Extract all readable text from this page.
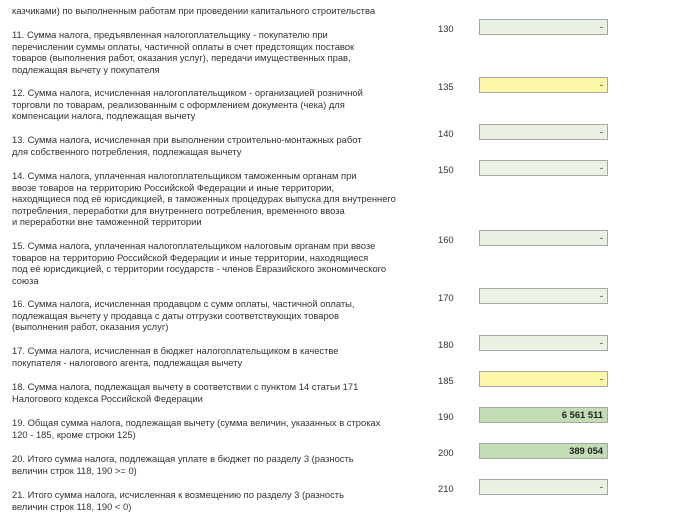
казчиками) по выполненным работам при проведении капитального строительства
11. Сумма налога, предъявленная налогоплательщику - покупателю при
перечислении суммы оплаты, частичной оплаты в счет предстоящих поставок
товаров (выполнения работ, оказания услуг), передачи имущественных прав,
подлежащая вычету у покупателя
130	-
12. Сумма налога, исчисленная налогоплательщиком - организацией розничной
торговли по товарам, реализованным с оформлением документа (чека) для
компенсации налога, подлежащая вычету
135	-
13. Сумма налога, исчисленная при выполнении строительно-монтажных работ
для собственного потребления, подлежащая вычету
140	-
14. Сумма налога, уплаченная налогоплательщиком таможенным органам при
ввозе товаров на территорию Российской Федерации и иные территории,
находящиеся под её юрисдикцией, в таможенных процедурах выпуска для внутреннего
потребления, переработки для внутреннего потребления, временного ввоза
и переработки вне таможенной территории
150	-
15. Сумма налога, уплаченная налогоплательщиком налоговым органам при ввозе
товаров на территорию Российской Федерации и иные территории, находящиеся
под её юрисдикцией, с территории государств - членов Евразийского экономического
союза
160	-
16. Сумма налога, исчисленная продавцом с сумм оплаты, частичной оплаты,
подлежащая вычету у продавца с даты отгрузки соответствующих товаров
(выполнения работ, оказания услуг)
170	-
17. Сумма налога, исчисленная в бюджет налогоплательщиком в качестве
покупателя - налогового агента, подлежащая вычету
180	-
18. Сумма налога, подлежащая вычету в соответствии с пунктом 14 статьи 171
Налогового кодекса Российской Федерации
185	-
19. Общая сумма налога, подлежащая вычету (сумма величин, указанных в строках
120 - 185, кроме строки 125)
190	6 561 511
20. Итого сумма налога, подлежащая уплате в бюджет по разделу 3 (разность
величин строк 118, 190 >= 0)
200	389 054
21. Итого сумма налога, исчисленная к возмещению по разделу 3 (разность
величин строк 118, 190 < 0)
210	-
